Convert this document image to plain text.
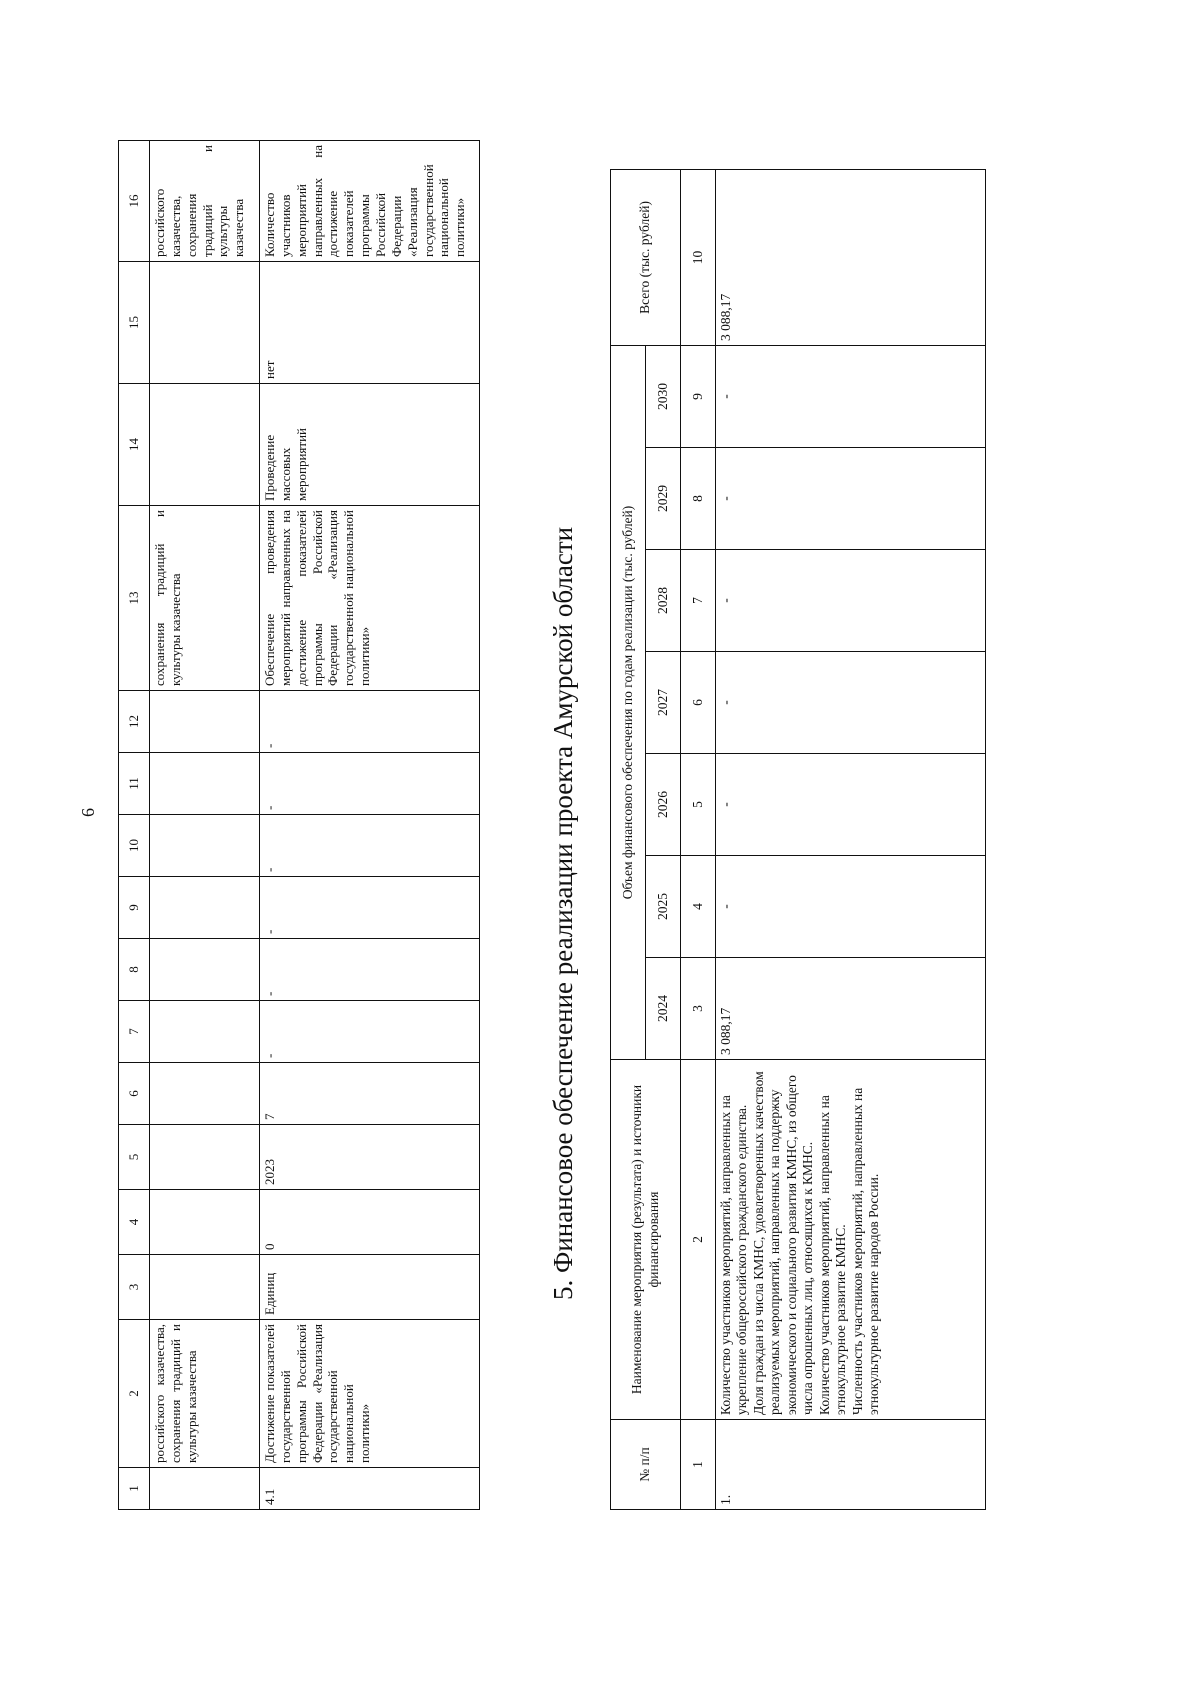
6
1	2	3	4	5	6	7	8	9	10	11	12	13	14	15	16
	российского казачества, сохранения традиций и культуры казачества											сохранения традиций и культуры казачества			российского казачества, сохранения традиций и культуры казачества
4.1	Достижение показателей государственной программы Российской Федерации «Реализация государственной национальной политики»	Единиц	0	2023	7	-	-	-	-	-	-	Обеспечение проведения мероприятий направленных на достижение показателей программы Российской Федерации «Реализация государственной национальной политики»	Проведение массовых мероприятий	нет	Количество участников мероприятий направленных на достижение показателей программы Российской Федерации «Реализация государственной национальной политики»
5. Финансовое обеспечение реализации проекта Амурской области
№ п/п	Наименование мероприятия (результата) и источники финансирования	Объем финансового обеспечения по годам реализации (тыс. рублей)							Всего (тыс. рублей)
		2024	2025	2026	2027	2028	2029	2030	
1	2	3	4	5	6	7	8	9	10
1.	Количество участников мероприятий, направленных на укрепление общероссийского гражданского единства. Доля граждан из числа КМНС, удовлетворенных качеством реализуемых мероприятий, направленных на поддержку экономического и социального развития КМНС, из общего числа опрошенных лиц, относящихся к КМНС. Количество участников мероприятий, направленных на этнокультурное развитие КМНС. Численность участников мероприятий, направленных на этнокультурное развитие народов России.	3 088,17	-	-	-	-	-	-	3 088,17
